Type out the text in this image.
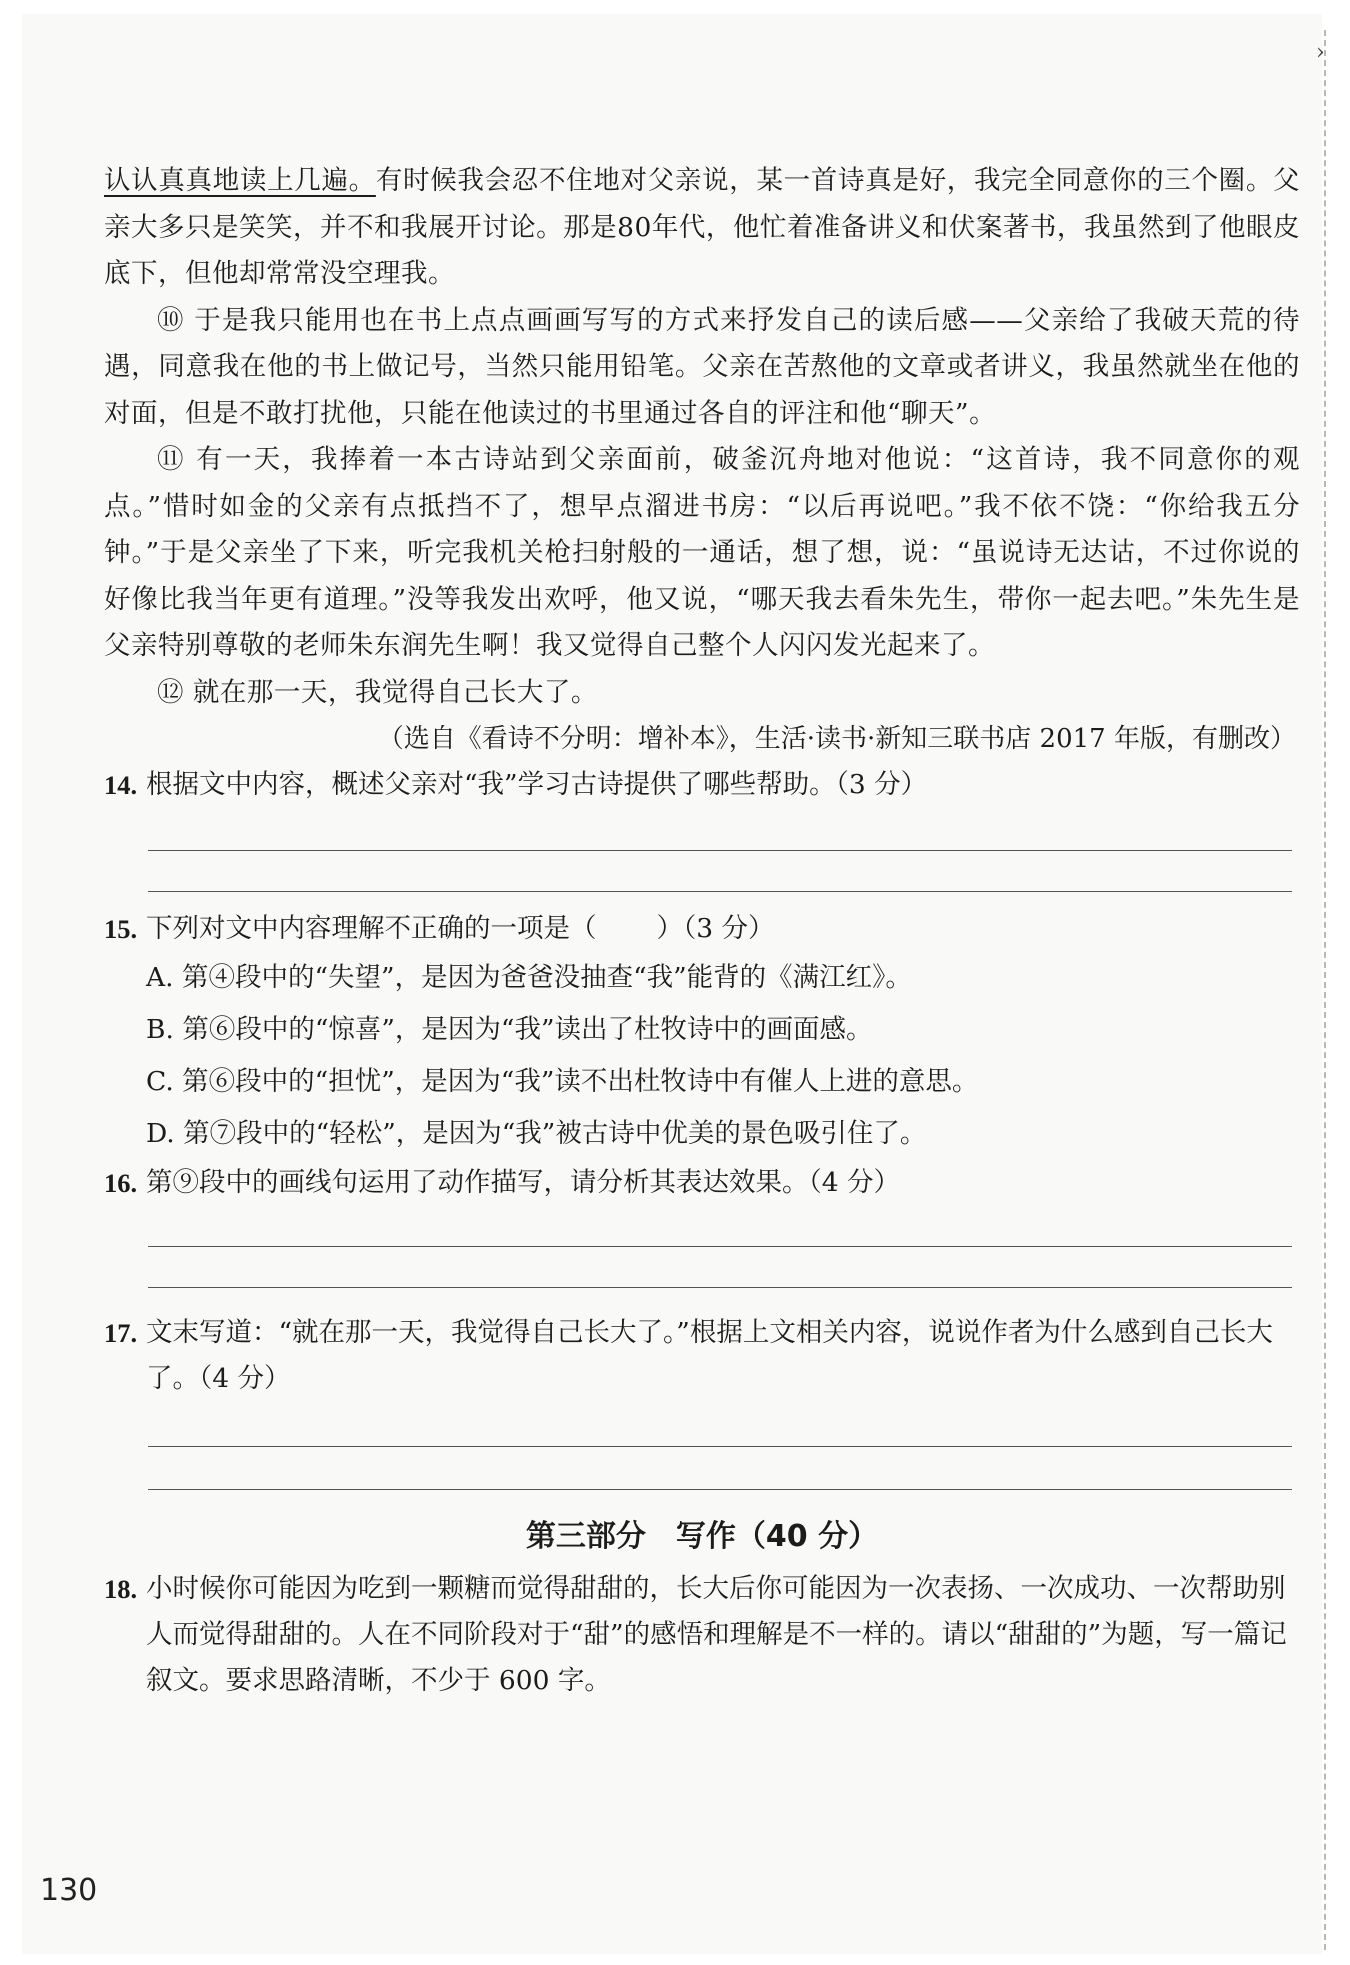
›

认认真真地读上几遍。有时候我会忍不住地对父亲说，某一首诗真是好，我完全同意你的三个圈。父亲大多只是笑笑，并不和我展开讨论。那是80年代，他忙着准备讲义和伏案著书，我虽然到了他眼皮底下，但他却常常没空理我。

⑩ 于是我只能用也在书上点点画画写写的方式来抒发自己的读后感——父亲给了我破天荒的待遇，同意我在他的书上做记号，当然只能用铅笔。父亲在苦熬他的文章或者讲义，我虽然就坐在他的对面，但是不敢打扰他，只能在他读过的书里通过各自的评注和他“聊天”。

⑪ 有一天，我捧着一本古诗站到父亲面前，破釜沉舟地对他说：“这首诗，我不同意你的观点。”惜时如金的父亲有点抵挡不了，想早点溜进书房：“以后再说吧。”我不依不饶：“你给我五分钟。”于是父亲坐了下来，听完我机关枪扫射般的一通话，想了想，说：“虽说诗无达诂，不过你说的好像比我当年更有道理。”没等我发出欢呼，他又说，“哪天我去看朱先生，带你一起去吧。”朱先生是父亲特别尊敬的老师朱东润先生啊！我又觉得自己整个人闪闪发光起来了。

⑫ 就在那一天，我觉得自己长大了。

（选自《看诗不分明：增补本》，生活·读书·新知三联书店 2017 年版，有删改）

14. 根据文中内容，概述父亲对“我”学习古诗提供了哪些帮助。（3 分）
15. 下列对文中内容理解不正确的一项是（ ）（3 分）

A. 第④段中的“失望”，是因为爸爸没抽查“我”能背的《满江红》。

B. 第⑥段中的“惊喜”，是因为“我”读出了杜牧诗中的画面感。

C. 第⑥段中的“担忧”，是因为“我”读不出杜牧诗中有催人上进的意思。

D. 第⑦段中的“轻松”，是因为“我”被古诗中优美的景色吸引住了。

16. 第⑨段中的画线句运用了动作描写，请分析其表达效果。（4 分）
17. 文末写道：“就在那一天，我觉得自己长大了。”根据上文相关内容，说说作者为什么感到自己长大了。（4 分）

第三部分　写作（40 分）

18. 小时候你可能因为吃到一颗糖而觉得甜甜的，长大后你可能因为一次表扬、一次成功、一次帮助别人而觉得甜甜的。人在不同阶段对于“甜”的感悟和理解是不一样的。请以“甜甜的”为题，写一篇记叙文。要求思路清晰，不少于 600 字。
130
